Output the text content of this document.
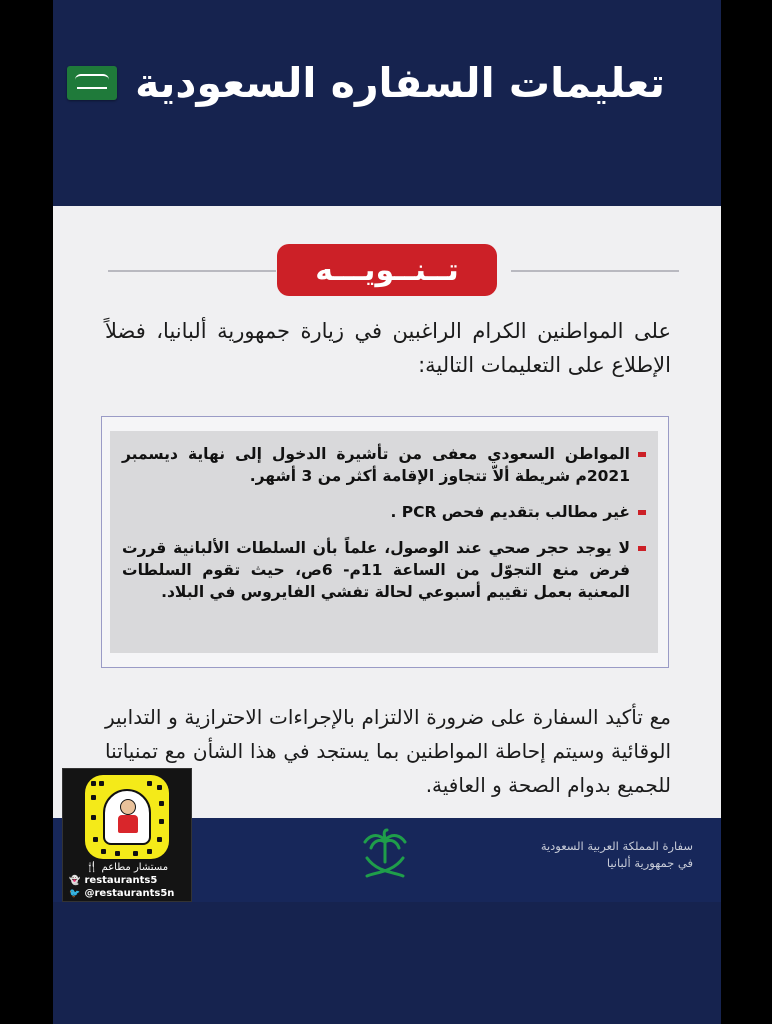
تعليمات السفاره السعودية
تــنــويـــه
على المواطنين الكرام الراغبين في زيارة جمهورية ألبانيا، فضلاً الإطلاع على التعليمات التالية:
المواطن السعودي معفى من تأشيرة الدخول إلى نهاية ديسمبر 2021م شريطة ألاّ تتجاوز الإقامة أكثر من 3 أشهر.
غير مطالب بتقديم فحص PCR .
لا يوجد حجر صحي عند الوصول، علماً بأن السلطات الألبانية قررت فرض منع التجوّل من الساعة 11م- 6ص، حيث تقوم السلطات المعنية بعمل تقييم أسبوعي لحالة تفشي الفايروس في البلاد.
مع تأكيد السفارة على ضرورة الالتزام بالإجراءات الاحترازية و التدابير الوقائية وسيتم إحاطة المواطنين بما يستجد في هذا الشأن مع تمنياتنا للجميع بدوام الصحة و العافية.
سفارة المملكة العربية السعودية
في جمهورية ألبانيا
مستشار مطاعم 🍴
👻 restaurants5
🐦 @restaurants5n
